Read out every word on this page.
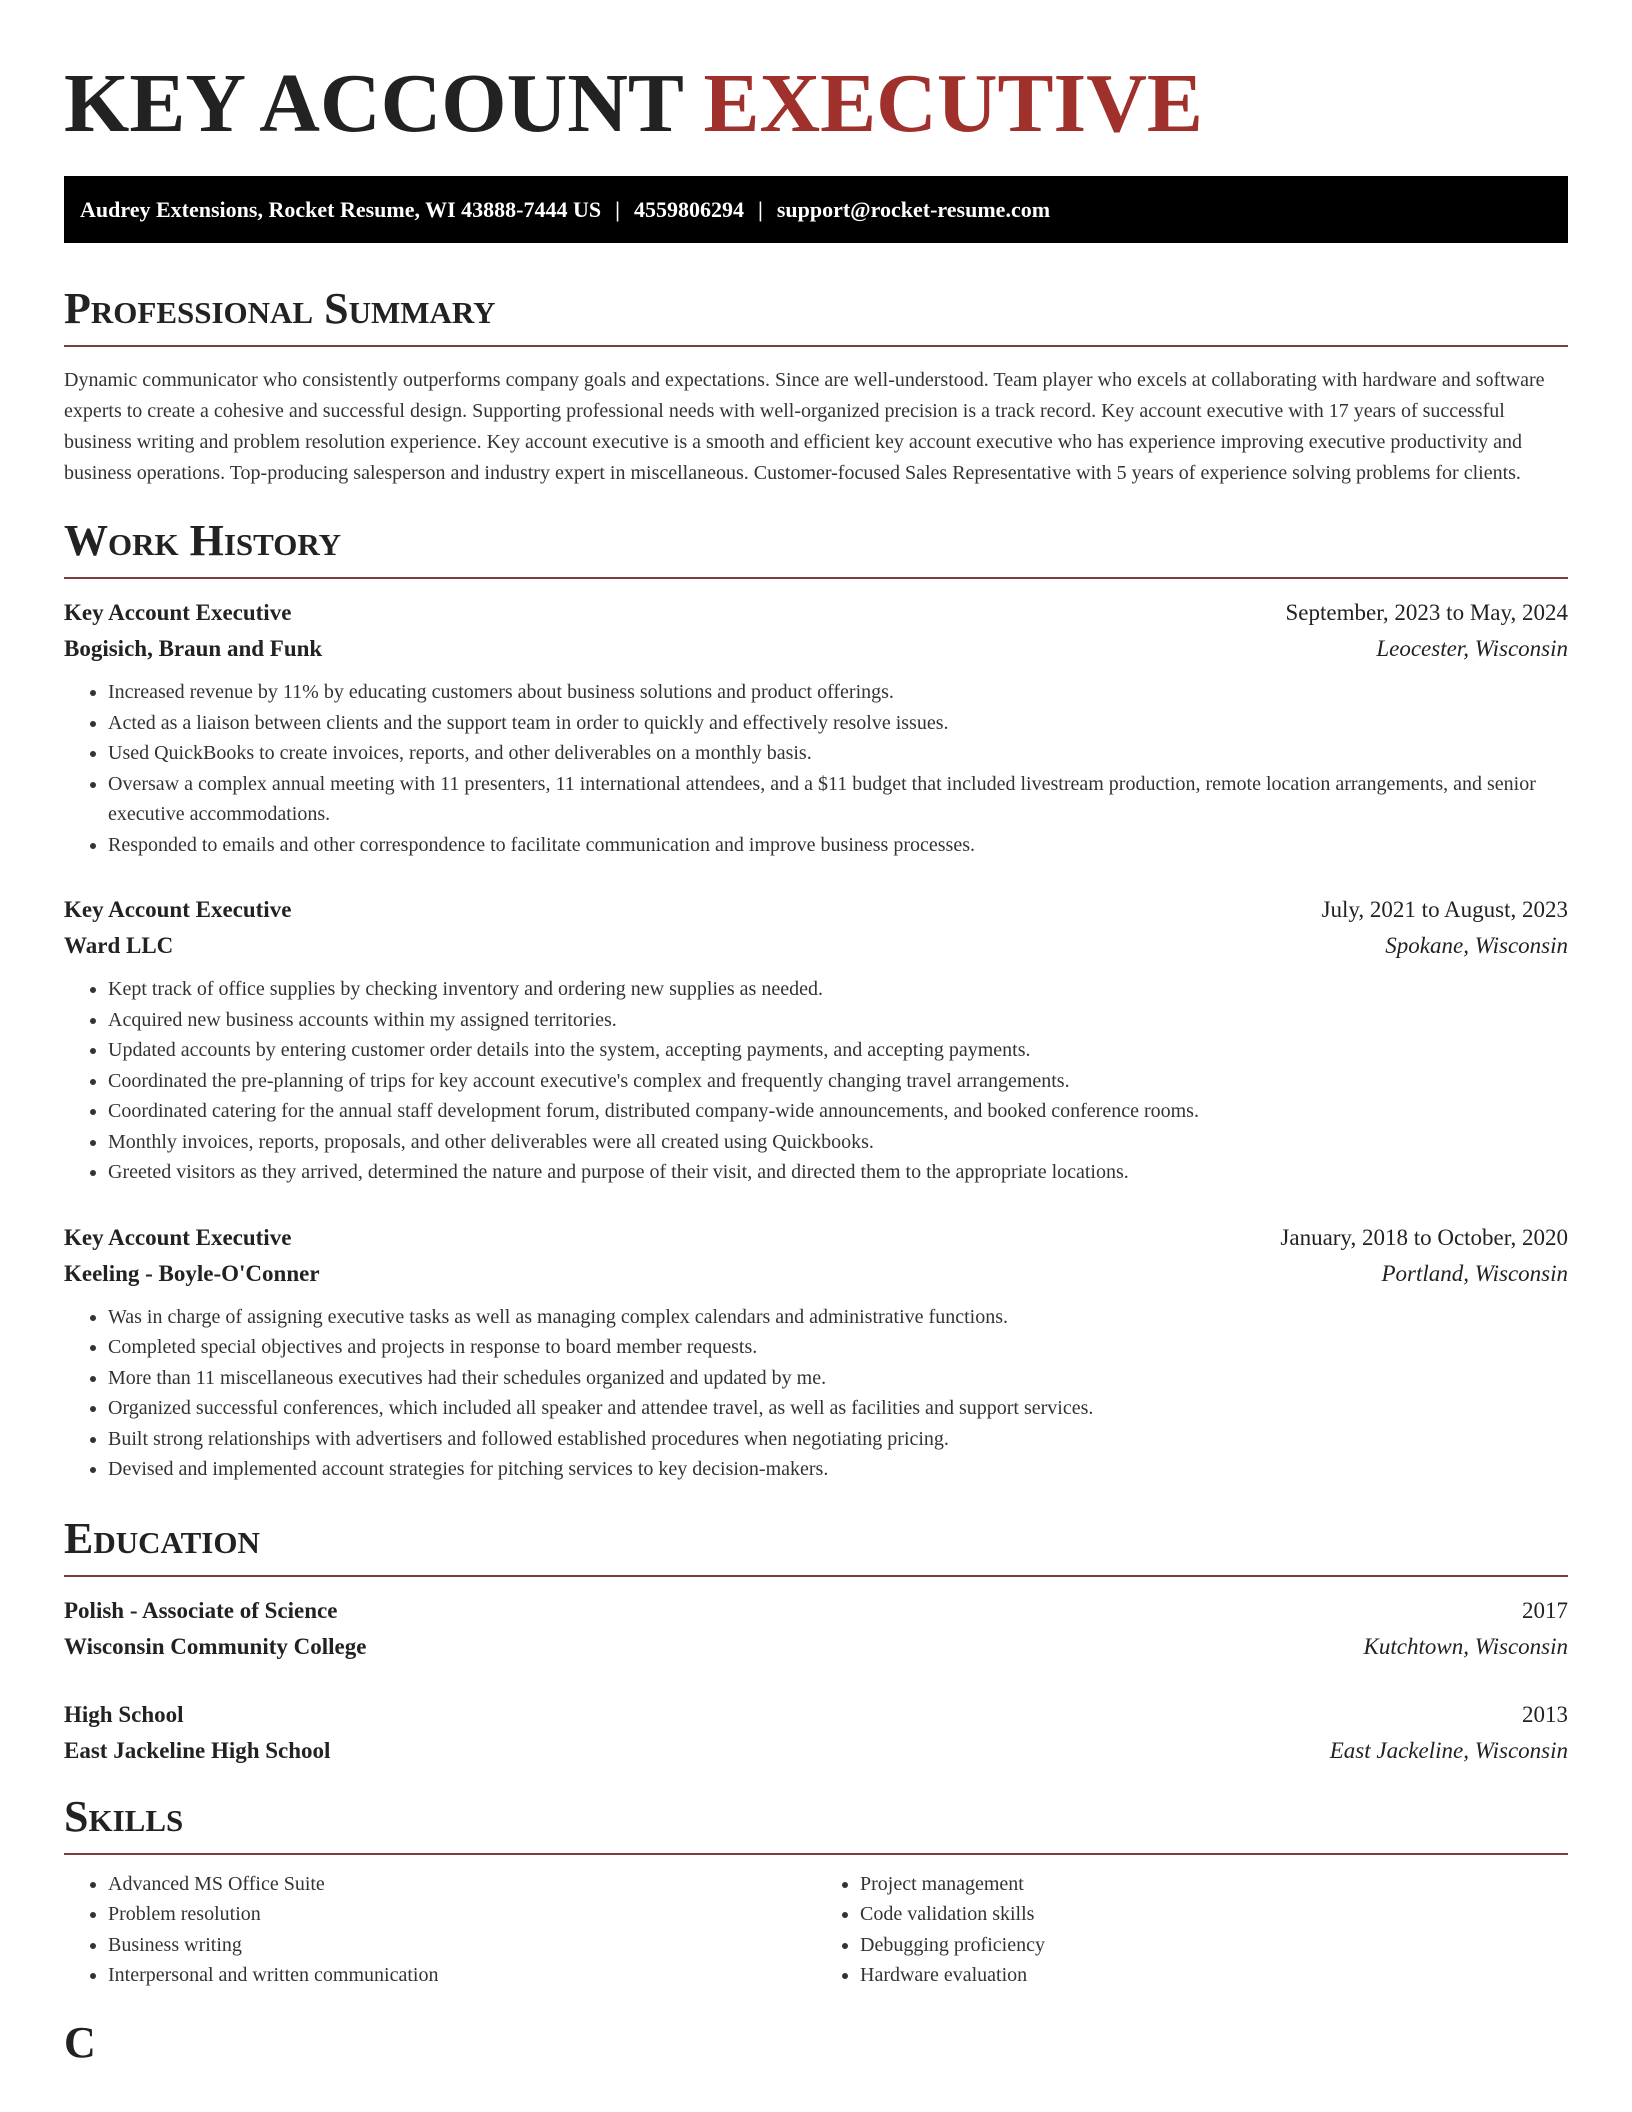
KEY ACCOUNT EXECUTIVE
Audrey Extensions, Rocket Resume, WI 43888-7444 US | 4559806294 | support@rocket-resume.com
Professional Summary

Dynamic communicator who consistently outperforms company goals and expectations. Since are well-understood. Team player who excels at collaborating with hardware and software experts to create a cohesive and successful design. Supporting professional needs with well-organized precision is a track record. Key account executive with 17 years of successful business writing and problem resolution experience. Key account executive is a smooth and efficient key account executive who has experience improving executive productivity and business operations. Top-producing salesperson and industry expert in miscellaneous. Customer-focused Sales Representative with 5 years of experience solving problems for clients.

Work History
Key Account Executive	September, 2023 to May, 2024
Bogisich, Braun and Funk	Leocester, Wisconsin
• Increased revenue by 11% by educating customers about business solutions and product offerings.
• Acted as a liaison between clients and the support team in order to quickly and effectively resolve issues.
• Used QuickBooks to create invoices, reports, and other deliverables on a monthly basis.
• Oversaw a complex annual meeting with 11 presenters, 11 international attendees, and a $11 budget that included livestream production, remote location arrangements, and senior executive accommodations.
• Responded to emails and other correspondence to facilitate communication and improve business processes.
Key Account Executive	July, 2021 to August, 2023
Ward LLC	Spokane, Wisconsin
• Kept track of office supplies by checking inventory and ordering new supplies as needed.
• Acquired new business accounts within my assigned territories.
• Updated accounts by entering customer order details into the system, accepting payments, and accepting payments.
• Coordinated the pre-planning of trips for key account executive's complex and frequently changing travel arrangements.
• Coordinated catering for the annual staff development forum, distributed company-wide announcements, and booked conference rooms.
• Monthly invoices, reports, proposals, and other deliverables were all created using Quickbooks.
• Greeted visitors as they arrived, determined the nature and purpose of their visit, and directed them to the appropriate locations.
Key Account Executive	January, 2018 to October, 2020
Keeling - Boyle-O'Conner	Portland, Wisconsin
• Was in charge of assigning executive tasks as well as managing complex calendars and administrative functions.
• Completed special objectives and projects in response to board member requests.
• More than 11 miscellaneous executives had their schedules organized and updated by me.
• Organized successful conferences, which included all speaker and attendee travel, as well as facilities and support services.
• Built strong relationships with advertisers and followed established procedures when negotiating pricing.
• Devised and implemented account strategies for pitching services to key decision-makers.
Education
Polish - Associate of Science	2017
Wisconsin Community College	Kutchtown, Wisconsin
High School	2013
East Jackeline High School	East Jackeline, Wisconsin
Skills
• Advanced MS Office Suite
• Problem resolution
• Business writing
• Interpersonal and written communication
• Project management
• Code validation skills
• Debugging proficiency
• Hardware evaluation
C
